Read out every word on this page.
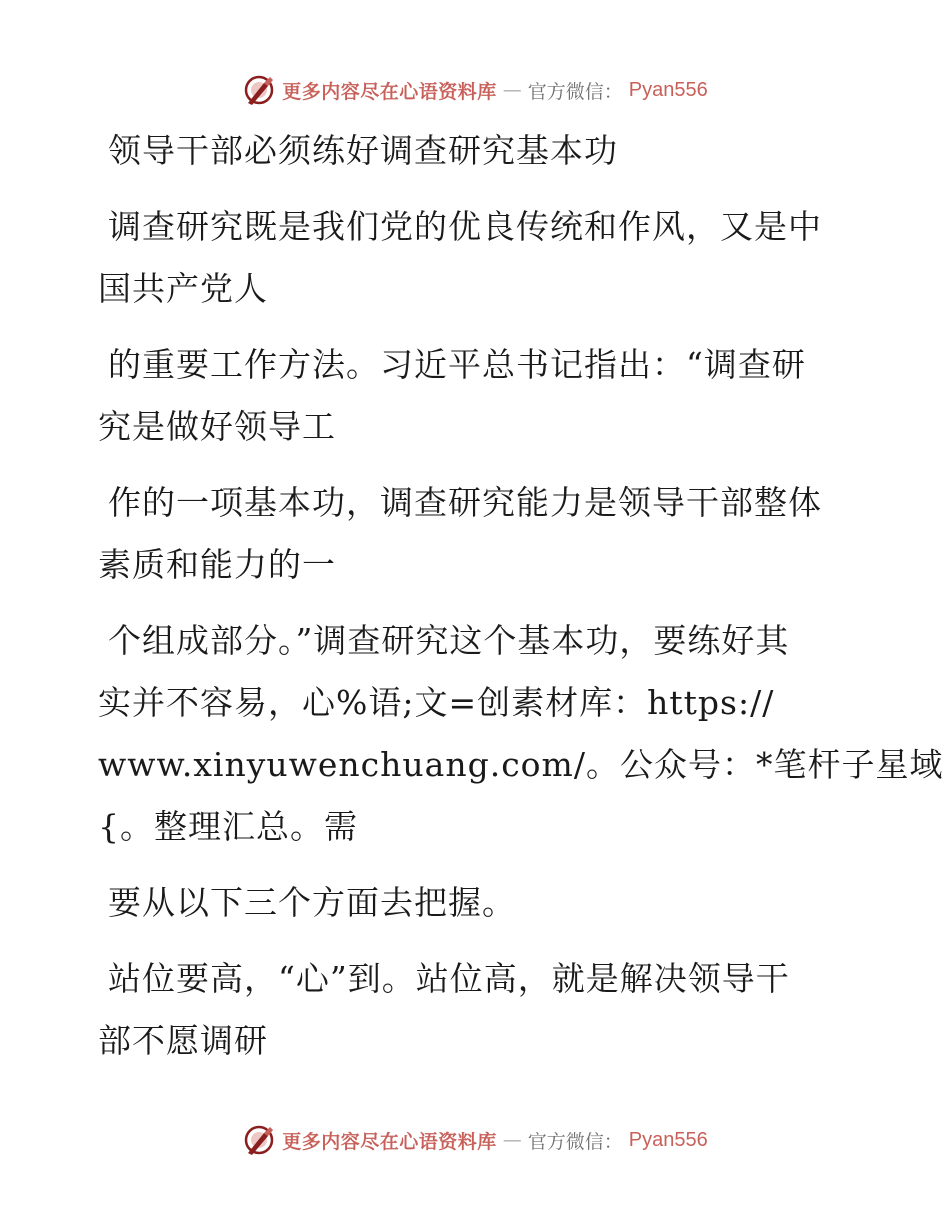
更多内容尽在心语资料库 — 官方微信： Pyan556
领导干部必须练好调查研究基本功
调查研究既是我们党的优良传统和作风，又是中
国共产党人
的重要工作方法。习近平总书记指出：“调查研
究是做好领导工
作的一项基本功，调查研究能力是领导干部整体
素质和能力的一
个组成部分。”调查研究这个基本功，要练好其
实并不容易，心%语;文=创素材库：https://
www.xinyuwenchuang.com/。公众号：*笔杆子星域
{。整理汇总。需
要从以下三个方面去把握。
站位要高，“心”到。站位高，就是解决领导干
部不愿调研
更多内容尽在心语资料库 — 官方微信： Pyan556
